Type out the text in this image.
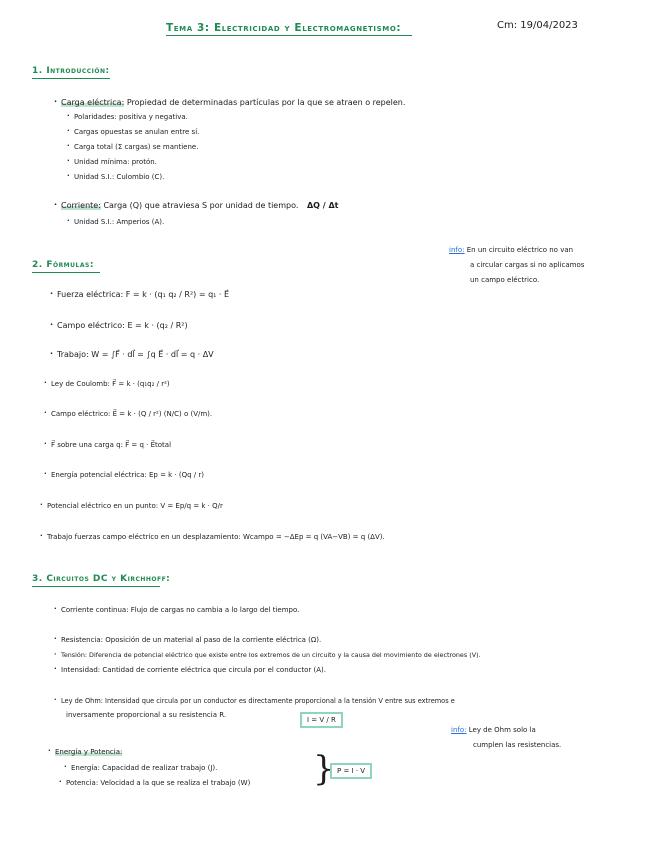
Tema 3: Electricidad y Electromagnetismo:	Cm: 19/04/2023
1. Introducción:
· Carga eléctrica: Propiedad de determinadas partículas por la que se atraen o repelen.
· Polaridades: positiva y negativa.
· Cargas opuestas se anulan entre sí.
· Carga total (Σ cargas) se mantiene.
· Unidad mínima: protón.
· Unidad S.I.: Culombio (C).
· Corriente: Carga (Q) que atraviesa S por unidad de tiempo. ΔQ / Δt
· Unidad S.I.: Amperios (A).
info: En un circuito eléctrico no van
a circular cargas si no aplicamos
un campo eléctrico.
2. Fórmulas:
· Fuerza eléctrica: F = k · (q₁ q₂ / R²) = q₁ · E⃗
· Campo eléctrico: E = k · (q₂ / R²)
· Trabajo: W = ∫F⃗ · dl⃗ = ∫q E⃗ · dl⃗ = q · ΔV
· Ley de Coulomb: F⃗ = k · (q₁q₂ / r²)
· Campo eléctrico: E⃗ = k · (Q / r²) (N/C) o (V/m).
· F⃗ sobre una carga q: F⃗ = q · E⃗total
· Energía potencial eléctrica: Ep = k · (Qq / r)
· Potencial eléctrico en un punto: V = Ep/q = k · Q/r
· Trabajo fuerzas campo eléctrico en un desplazamiento: Wcampo = −ΔEp = q (VA−VB) = q (ΔV).
3. Circuitos DC y Kirchhoff:
· Corriente continua: Flujo de cargas no cambia a lo largo del tiempo.
· Resistencia: Oposición de un material al paso de la corriente eléctrica (Ω).
· Tensión: Diferencia de potencial eléctrico que existe entre los extremos de un circuito y la causa del movimiento de electrones (V).
· Intensidad: Cantidad de corriente eléctrica que circula por el conductor (A).
· Ley de Ohm: Intensidad que circula por un conductor es directamente proporcional a la tensión V entre sus extremos e
inversamente proporcional a su resistencia R.
I = V / R
info: Ley de Ohm solo la
cumplen las resistencias.
· Energía y Potencia:
· Energía: Capacidad de realizar trabajo (J).
· Potencia: Velocidad a la que se realiza el trabajo (W) } P = I · V
